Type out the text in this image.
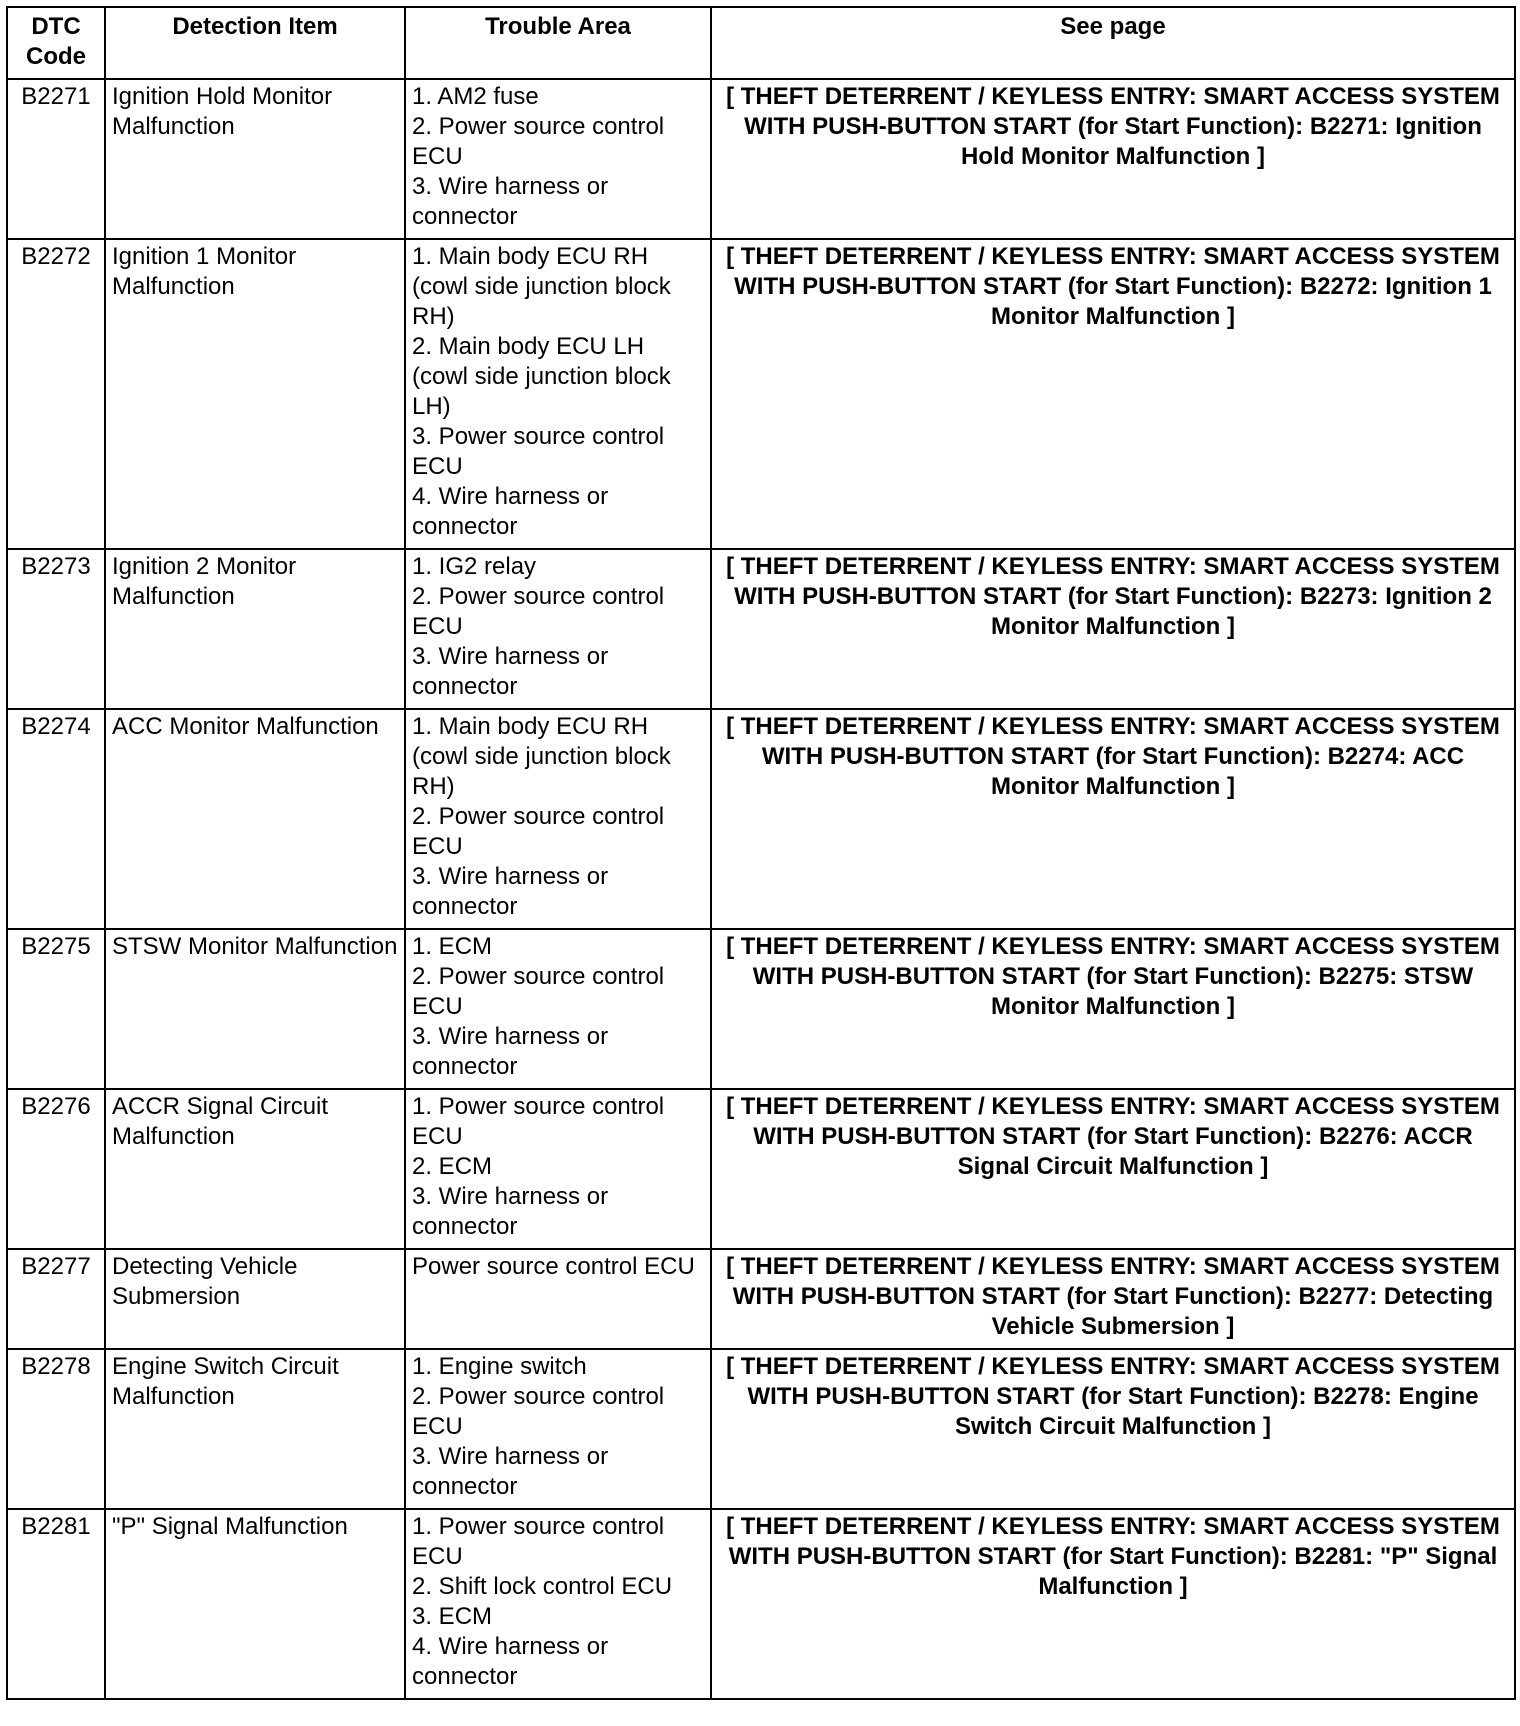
DTC Code	Detection Item	Trouble Area	See page
B2271	Ignition Hold Monitor Malfunction	1. AM2 fuse
2. Power source control ECU
3. Wire harness or connector	[ THEFT DETERRENT / KEYLESS ENTRY: SMART ACCESS SYSTEM WITH PUSH-BUTTON START (for Start Function): B2271: Ignition Hold Monitor Malfunction ]
B2272	Ignition 1 Monitor Malfunction	1. Main body ECU RH (cowl side junction block RH)
2. Main body ECU LH (cowl side junction block LH)
3. Power source control ECU
4. Wire harness or connector	[ THEFT DETERRENT / KEYLESS ENTRY: SMART ACCESS SYSTEM WITH PUSH-BUTTON START (for Start Function): B2272: Ignition 1 Monitor Malfunction ]
B2273	Ignition 2 Monitor Malfunction	1. IG2 relay
2. Power source control ECU
3. Wire harness or connector	[ THEFT DETERRENT / KEYLESS ENTRY: SMART ACCESS SYSTEM WITH PUSH-BUTTON START (for Start Function): B2273: Ignition 2 Monitor Malfunction ]
B2274	ACC Monitor Malfunction	1. Main body ECU RH (cowl side junction block RH)
2. Power source control ECU
3. Wire harness or connector	[ THEFT DETERRENT / KEYLESS ENTRY: SMART ACCESS SYSTEM WITH PUSH-BUTTON START (for Start Function): B2274: ACC Monitor Malfunction ]
B2275	STSW Monitor Malfunction	1. ECM
2. Power source control ECU
3. Wire harness or connector	[ THEFT DETERRENT / KEYLESS ENTRY: SMART ACCESS SYSTEM WITH PUSH-BUTTON START (for Start Function): B2275: STSW Monitor Malfunction ]
B2276	ACCR Signal Circuit Malfunction	1. Power source control ECU
2. ECM
3. Wire harness or connector	[ THEFT DETERRENT / KEYLESS ENTRY: SMART ACCESS SYSTEM WITH PUSH-BUTTON START (for Start Function): B2276: ACCR Signal Circuit Malfunction ]
B2277	Detecting Vehicle Submersion	Power source control ECU	[ THEFT DETERRENT / KEYLESS ENTRY: SMART ACCESS SYSTEM WITH PUSH-BUTTON START (for Start Function): B2277: Detecting Vehicle Submersion ]
B2278	Engine Switch Circuit Malfunction	1. Engine switch
2. Power source control ECU
3. Wire harness or connector	[ THEFT DETERRENT / KEYLESS ENTRY: SMART ACCESS SYSTEM WITH PUSH-BUTTON START (for Start Function): B2278: Engine Switch Circuit Malfunction ]
B2281	"P" Signal Malfunction	1. Power source control ECU
2. Shift lock control ECU
3. ECM
4. Wire harness or connector	[ THEFT DETERRENT / KEYLESS ENTRY: SMART ACCESS SYSTEM WITH PUSH-BUTTON START (for Start Function): B2281: "P" Signal Malfunction ]
